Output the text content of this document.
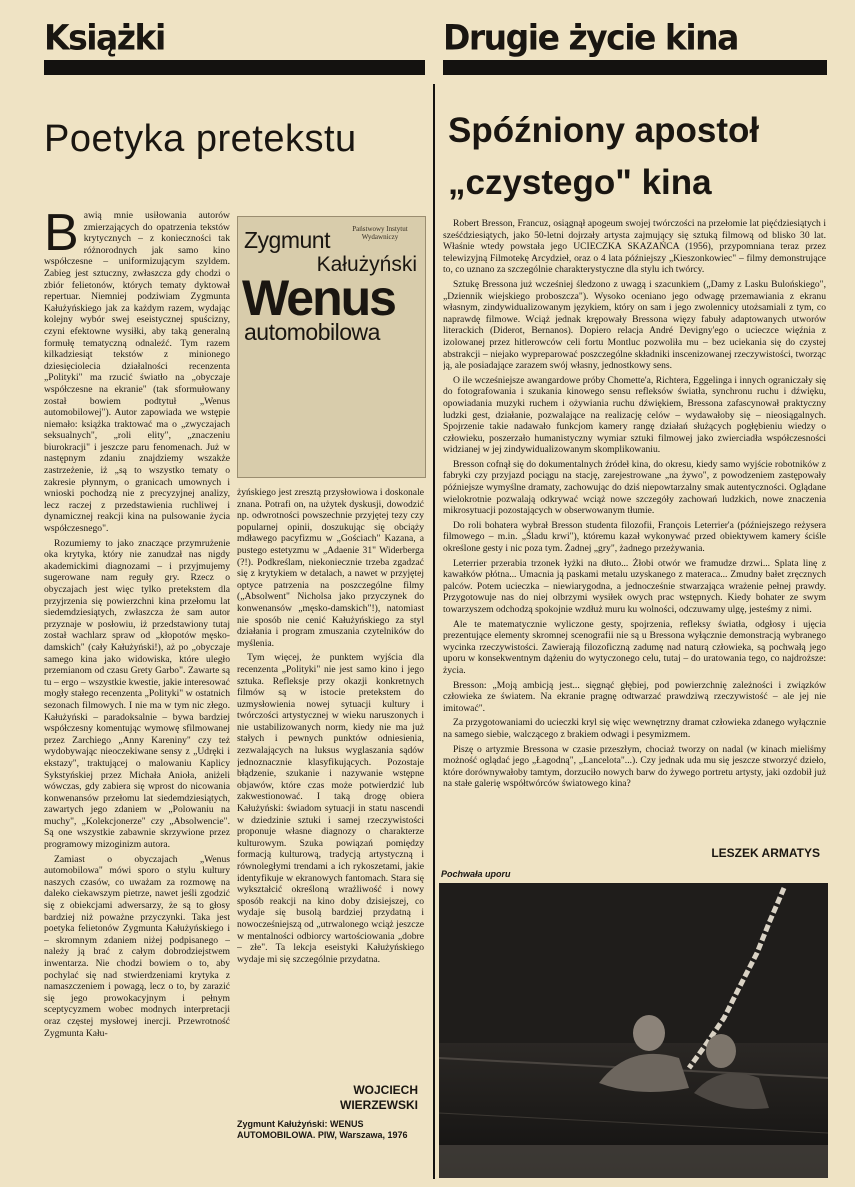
Książki	Drugie życie kina
Poetyka pretekstu

Bawią mnie usiłowania autorów zmierzających do opatrzenia tekstów krytycznych – z konieczności tak różnorodnych jak samo kino współczesne – uniformizującym szyldem. Zabieg jest sztuczny, zwłaszcza gdy chodzi o zbiór felietonów, których tematy dyktował repertuar. Niemniej podziwiam Zygmunta Kałużyńskiego jak za każdym razem, wydając kolejny wybór swej eseistycznej spuścizny, czyni efektowne wysiłki, aby taką generalną formułę tematyczną odnaleźć. Tym razem kilkadziesiąt tekstów z minionego dziesięciolecia działalności recenzenta „Polityki" ma rzucić światło na „obyczaje współczesne na ekranie" (tak sformułowany został bowiem podtytuł „Wenus automobilowej"). Autor zapowiada we wstępie niemało: książka traktować ma o „zwyczajach seksualnych", „roli elity", „znaczeniu biurokracji" i jeszcze paru fenomenach. Już w następnym zdaniu znajdziemy wszakże zastrzeżenie, iż „są to wszystko tematy o zakresie płynnym, o granicach umownych i wnioski pochodzą nie z precyzyjnej analizy, lecz raczej z przedstawienia ruchliwej i dynamicznej reakcji kina na pulsowanie życia współczesnego".

Rozumiemy to jako znaczące przymrużenie oka krytyka, który nie zanudzał nas nigdy akademickimi diagnozami – i przyjmujemy sugerowane nam reguły gry. Rzecz o obyczajach jest więc tylko pretekstem dla przyjrzenia się powierzchni kina przełomu lat siedemdziesiątych, zwłaszcza że sam autor przyznaje w posłowiu, iż przedstawiony tutaj został wachlarz spraw od „kłopotów męsko-damskich" (cały Kałużyński!), aż po „obyczaje samego kina jako widowiska, które uległo przemianom od czasu Grety Garbo". Zawarte są tu – ergo – wszystkie kwestie, jakie interesować mogły stałego recenzenta „Polityki" w ostatnich sezonach filmowych. I nie ma w tym nic złego. Kałużyński – paradoksalnie – bywa bardziej współczesny komentując wymowę sfilmowanej przez Zarchiego „Anny Kareniny" czy też wydobywając nieoczekiwane sensy z „Udręki i ekstazy", traktującej o malowaniu Kaplicy Sykstyńskiej przez Michała Anioła, aniżeli wówczas, gdy zabiera się wprost do nicowania konwenansów przełomu lat siedemdziesiątych, zawartych jego zdaniem w „Polowaniu na muchy", „Kolekcjonerze" czy „Absolwencie". Są one wszystkie zabawnie skrzywione przez programowy mizoginizm autora.

Zamiast o obyczajach „Wenus automobilowa" mówi sporo o stylu kultury naszych czasów, co uważam za rozmowę na daleko ciekawszym pietrze, nawet jeśli zgodzić się z obiekcjami adwersarzy, że są to głosy bardziej niż poważne przyczynki. Taka jest poetyka felietonów Zygmunta Kałużyńskiego i – skromnym zdaniem niżej podpisanego – należy ją brać z całym dobrodziejstwem inwentarza. Nie chodzi bowiem o to, aby pochylać się nad stwierdzeniami krytyka z namaszczeniem i powagą, lecz o to, by zarazić się jego prowokacyjnym i pełnym sceptycyzmem wobec modnych interpretacji oraz częstej mysłowej inercji. Przewrotność Zygmunta Kału-

Państwowy Instytut Wydawniczy
Zygmunt
Kałużyński
Wenus
automobilowa

żyńskiego jest zresztą przysłowiowa i doskonale znana. Potrafi on, na użytek dyskusji, dowodzić np. odwrotności powszechnie przyjętej tezy czy popularnej opinii, doszukując się obciąży mdławego pacyfizmu w „Gościach" Kazana, a pustego estetyzmu w „Adaenie 31" Widerberga (?!). Podkreślam, niekoniecznie trzeba zgadzać się z krytykiem w detalach, a nawet w przyjętej optyce patrzenia na poszczególne filmy („Absolwent" Nicholsa jako przyczynek do konwenansów „męsko-damskich"!), natomiast nie sposób nie cenić Kałużyńskiego za styl działania i program zmuszania czytelników do myślenia.

Tym więcej, że punktem wyjścia dla recenzenta „Polityki" nie jest samo kino i jego sztuka. Refleksje przy okazji konkretnych filmów są w istocie pretekstem do uzmysłowienia nowej sytuacji kultury i twórczości artystycznej w wieku naruszonych i nie ustabilizowanych norm, kiedy nie ma już stałych i pewnych punktów odniesienia, zezwalających na luksus wyglaszania sądów jednoznacznie klasyfikujących. Pozostaje błądzenie, szukanie i nazywanie wstępne objawów, które czas może potwierdzić lub zakwestionować. I taką drogę obiera Kałużyński: świadom sytuacji in statu nascendi w dziedzinie sztuki i samej rzeczywistości proponuje własne diagnozy o charakterze kulturowym. Szuka powiązań pomiędzy formacją kulturową, tradycją artystyczną i równoległymi trendami a ich rykoszetami, jakie identyfikuje w ekranowych fantomach. Stara się wykształcić określoną wrażliwość i nowy sposób reakcji na kino doby dzisiejszej, co wydaje się busolą bardziej przydatną i nowocześniejszą od „utrwalonego wciąż jeszcze w mentalności odbiorcy wartościowania „dobre – złe". Ta lekcja eseistyki Kałużyńskiego wydaje mi się szczególnie przydatna.

WOJCIECH WIERZEWSKI
Zygmunt Kałużyński: WENUS AUTOMOBILOWA. PIW, Warszawa, 1976
Spóźniony apostoł „czystego" kina

Robert Bresson, Francuz, osiągnął apogeum swojej twórczości na przełomie lat pięćdziesiątych i sześćdziesiątych, jako 50-letni dojrzały artysta zajmujący się sztuką filmową od blisko 30 lat. Właśnie wtedy powstała jego UCIECZKA SKAZAŃCA (1956), przypomniana teraz przez telewizyjną Filmotekę Arcydzieł, oraz o 4 lata późniejszy „Kieszonkowiec" – filmy demonstrujące to, co uznano za szczególnie charakterystyczne dla stylu ich twórcy.

Sztukę Bressona już wcześniej śledzono z uwagą i szacunkiem („Damy z Lasku Bulońskiego", „Dziennik wiejskiego proboszcza"). Wysoko oceniano jego odwagę przemawiania z ekranu własnym, zindywidualizowanym językiem, który on sam i jego zwolennicy utożsamiali z tym, co naprawdę filmowe. Wciąż jednak krępowały Bressona więzy fabuły adaptowanych utworów literackich (Diderot, Bernanos). Dopiero relacja André Devigny'ego o ucieczce więźnia z izolowanej przez hitlerowców celi fortu Montluc pozwoliła mu – bez uciekania się do czystej abstrakcji – niejako wypreparować poszczególne składniki inscenizowanej rzeczywistości, tworząc ją, ale posiadające zarazem swój własny, jednostkowy sens.

O ile wcześniejsze awangardowe próby Chomette'a, Richtera, Eggelinga i innych ograniczały się do fotografowania i szukania kinowego sensu refleksów światła, synchronu ruchu i dźwięku, opowiadania muzyki ruchem i ożywiania ruchu dźwiękiem, Bressona zafascynował praktyczny ludzki gest, działanie, pozwalające na realizację celów – wydawałoby się – nieosiągalnych. Spojrzenie takie nadawało funkcjom kamery rangę działań służących pogłębieniu wiedzy o człowieku, poszerzało humanistyczny wymiar sztuki filmowej jako zwierciadła współczesności widzianej w jej zindywidualizowanym skomplikowaniu.

Bresson cofnął się do dokumentalnych źródeł kina, do okresu, kiedy samo wyjście robotników z fabryki czy przyjazd pociągu na stację, zarejestrowane „na żywo", z powodzeniem zastępowały późniejsze wymyślne dramaty, zachowując do dziś niepowtarzalny smak autentyczności. Oglądane wielokrotnie pozwalają odkrywać wciąż nowe szczegóły zachowań ludzkich, nowe znaczenia mikrosytuacji pozostających w obserwowanym tłumie.

Do roli bohatera wybrał Bresson studenta filozofii, François Leterrier'a (późniejszego reżysera filmowego – m.in. „Śladu krwi"), któremu kazał wykonywać przed obiektywem kamery ściśle określone gesty i nic poza tym. Żadnej „gry", żadnego przeżywania.

Leterrier przerabia trzonek łyżki na dłuto... Żłobi otwór we framudze drzwi... Splata linę z kawałków płótna... Umacnia ją paskami metalu uzyskanego z materaca... Zmudny bałet zręcznych palców. Potem ucieczka – niewiarygodna, a jednocześnie stwarzająca wrażenie pełnej prawdy. Przygotowuje nas do niej olbrzymi wysiłek owych prac wstępnych. Kiedy bohater ze swym towarzyszem odchodzą spokojnie wzdłuż muru ku wolności, odczuwamy ulgę, jesteśmy z nimi.

Ale te matematycznie wyliczone gesty, spojrzenia, refleksy światła, odgłosy i ujęcia prezentujące elementy skromnej scenografii nie są u Bressona wyłącznie demonstracją wybranego wycinka rzeczywistości. Zawierają filozoficzną zadumę nad naturą człowieka, są pochwałą jego uporu w konsekwentnym dążeniu do wytyczonego celu, tutaj – do uratowania tego, co najdroższe: życia.

Bresson: „Moją ambicją jest... sięgnąć głębiej, pod powierzchnię zależności i związków człowieka ze światem. Na ekranie pragnę odtwarzać prawdziwą rzeczywistość – ale jej nie imitować".

Za przygotowaniami do ucieczki kryl się więc wewnętrzny dramat człowieka zdanego wyłącznie na samego siebie, walczącego z brakiem odwagi i pesymizmem.

Piszę o artyzmie Bressona w czasie przeszłym, chociaż tworzy on nadal (w kinach mieliśmy możność oglądać jego „Łagodną", „Lancelota"...). Czy jednak uda mu się jeszcze stworzyć dzieło, które dorównywałoby tamtym, dorzuciło nowych barw do żywego portretu artysty, jaki ozdobił już na stałe galerię współtwórców światowego kina?

LESZEK ARMATYS
Pochwała uporu
